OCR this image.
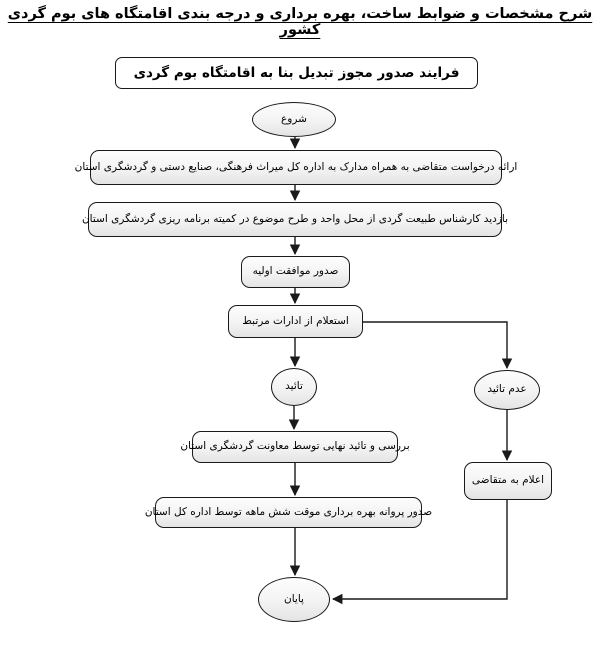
شرح مشخصات و ضوابط ساخت، بهره برداری و درجه بندی اقامتگاه های بوم گردی کشور
فرایند صدور مجوز تبدیل بنا به اقامتگاه بوم گردی
شروع
ارائه درخواست متقاضی به همراه مدارک به اداره کل میراث فرهنگی، صنایع دستی و گردشگری استان
بازدید کارشناس طبیعت گردی از محل واحد و طرح موضوع در کمیته برنامه ریزی گردشگری استان
صدور موافقت اولیه
استعلام از ادارات مرتبط
تائید	عدم تائید
بررسی و تائید نهایی توسط معاونت گردشگری استان
اعلام به متقاضی
صدور پروانه بهره برداری موقت شش ماهه توسط اداره کل استان
پایان
